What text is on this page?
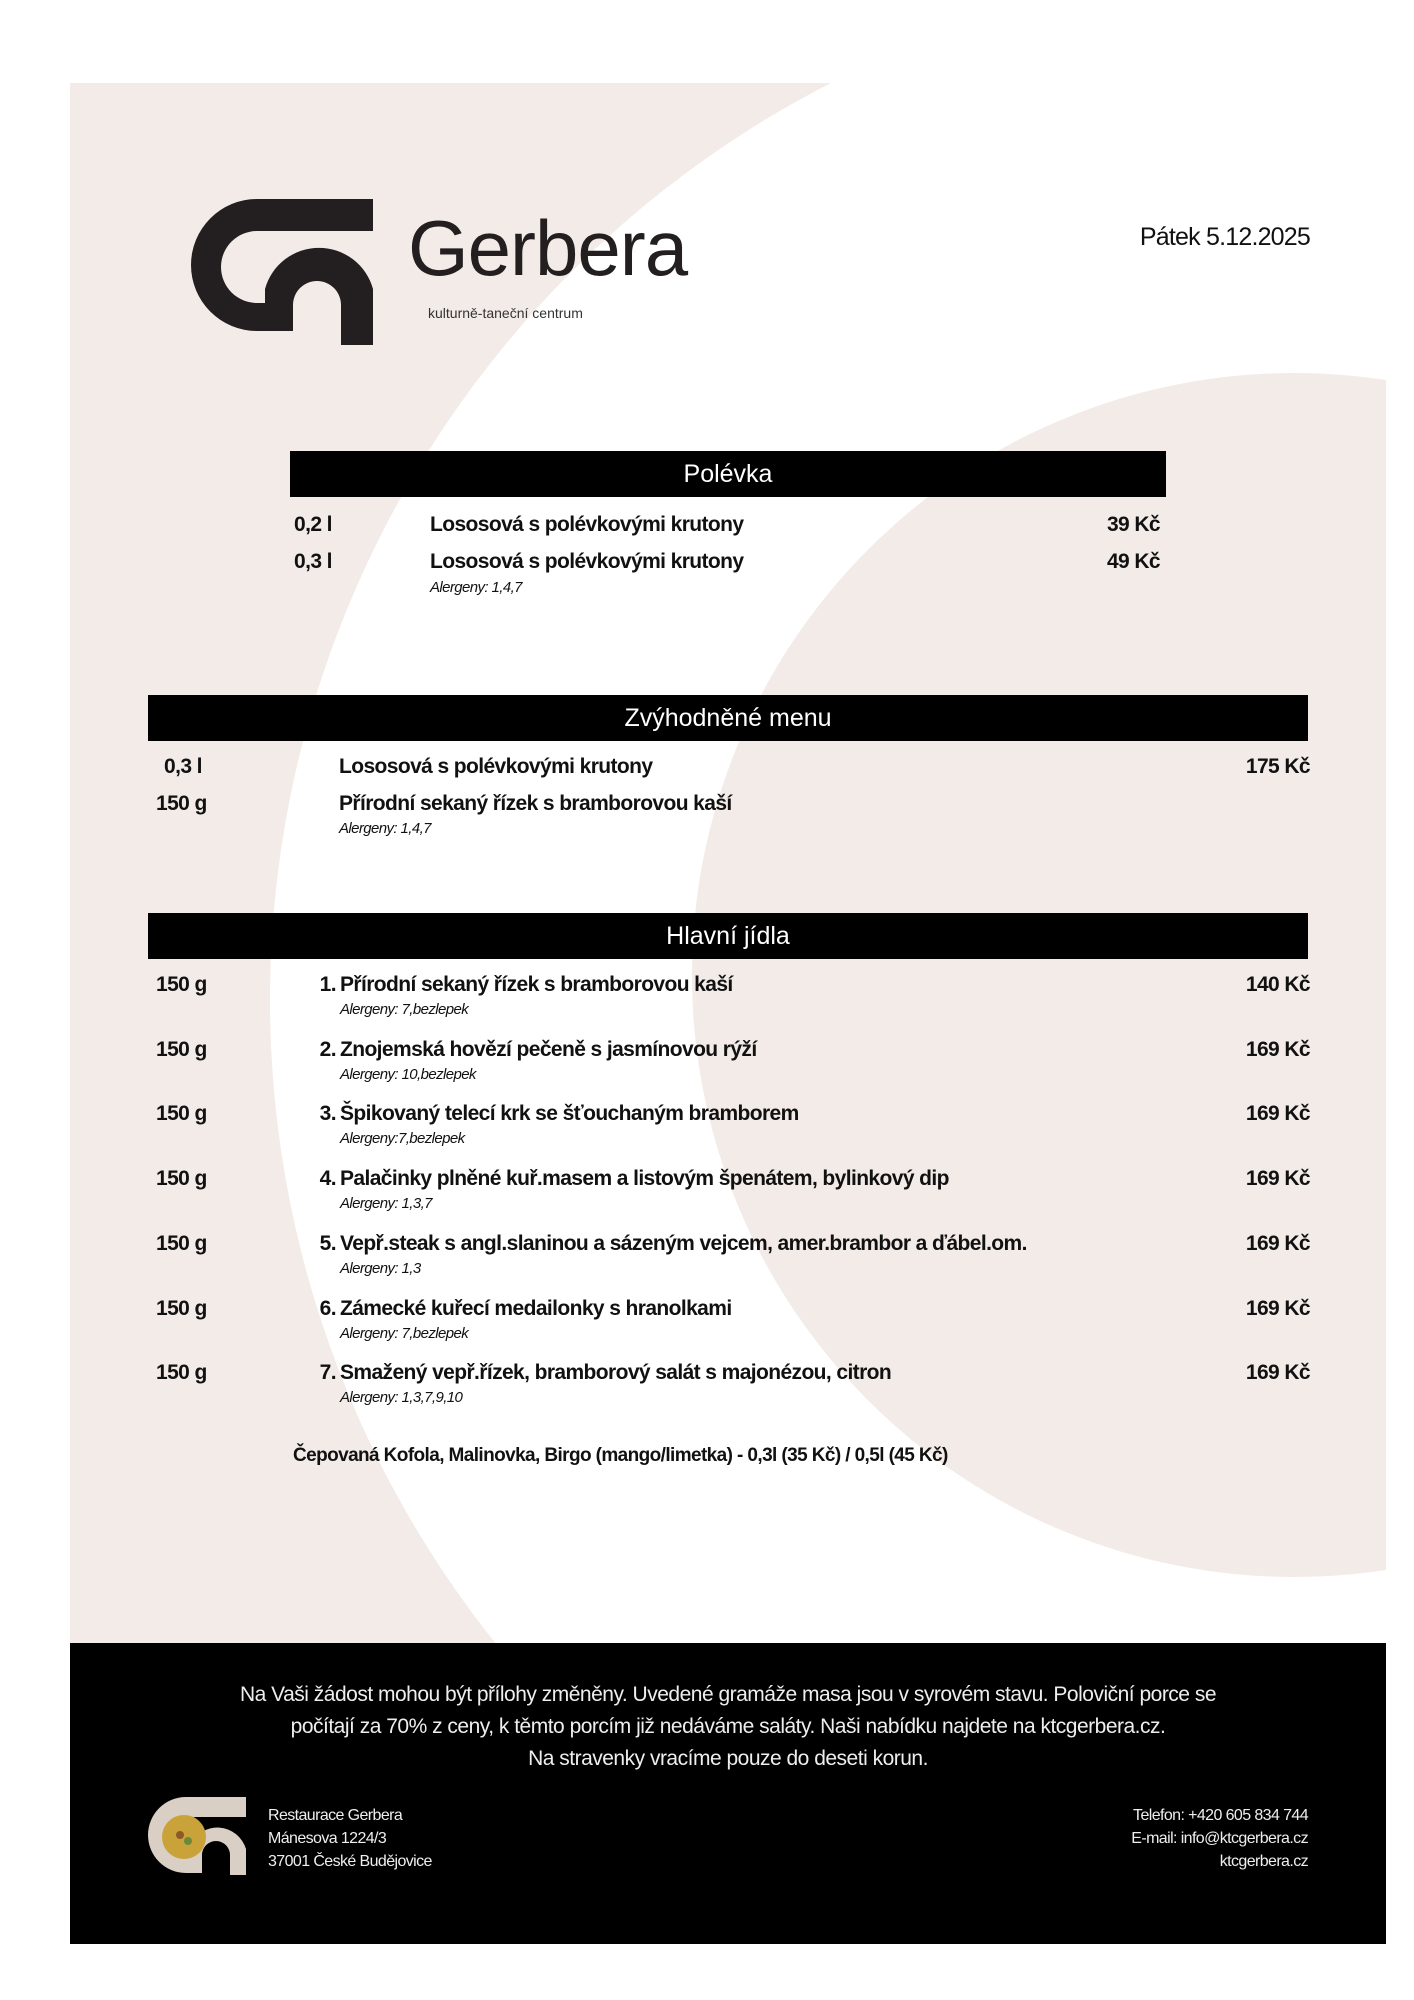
Gerbera
kulturně-taneční centrum
Pátek 5.12.2025
Polévka
0,2 l	Lososová s polévkovými krutony	39 Kč
0,3 l	Lososová s polévkovými krutony	49 Kč
Alergeny: 1,4,7
Zvýhodněné menu
0,3 l	Lososová s polévkovými krutony	175 Kč
150 g	Přírodní sekaný řízek s bramborovou kaší
Alergeny: 1,4,7
Hlavní jídla
150 g	1. Přírodní sekaný řízek s bramborovou kaší	140 Kč
Alergeny: 7,bezlepek
150 g	2. Znojemská hovězí pečeně s jasmínovou rýží	169 Kč
Alergeny: 10,bezlepek
150 g	3. Špikovaný telecí krk se šťouchaným bramborem	169 Kč
Alergeny:7,bezlepek
150 g	4. Palačinky plněné kuř.masem a listovým špenátem, bylinkový dip	169 Kč
Alergeny: 1,3,7
150 g	5. Vepř.steak s angl.slaninou a sázeným vejcem, amer.brambor a ďábel.om.	169 Kč
Alergeny: 1,3
150 g	6. Zámecké kuřecí medailonky s hranolkami	169 Kč
Alergeny: 7,bezlepek
150 g	7. Smažený vepř.řízek, bramborový salát s majonézou, citron	169 Kč
Alergeny: 1,3,7,9,10
Čepovaná Kofola, Malinovka, Birgo (mango/limetka) - 0,3l (35 Kč) / 0,5l (45 Kč)
Na Vaši žádost mohou být přílohy změněny. Uvedené gramáže masa jsou v syrovém stavu. Poloviční porce se
počítají za 70% z ceny, k těmto porcím již nedáváme saláty. Naši nabídku najdete na ktcgerbera.cz.
Na stravenky vracíme pouze do deseti korun.
Restaurace Gerbera
Mánesova 1224/3
37001 České Budějovice
Telefon: +420 605 834 744
E-mail: info@ktcgerbera.cz
ktcgerbera.cz
